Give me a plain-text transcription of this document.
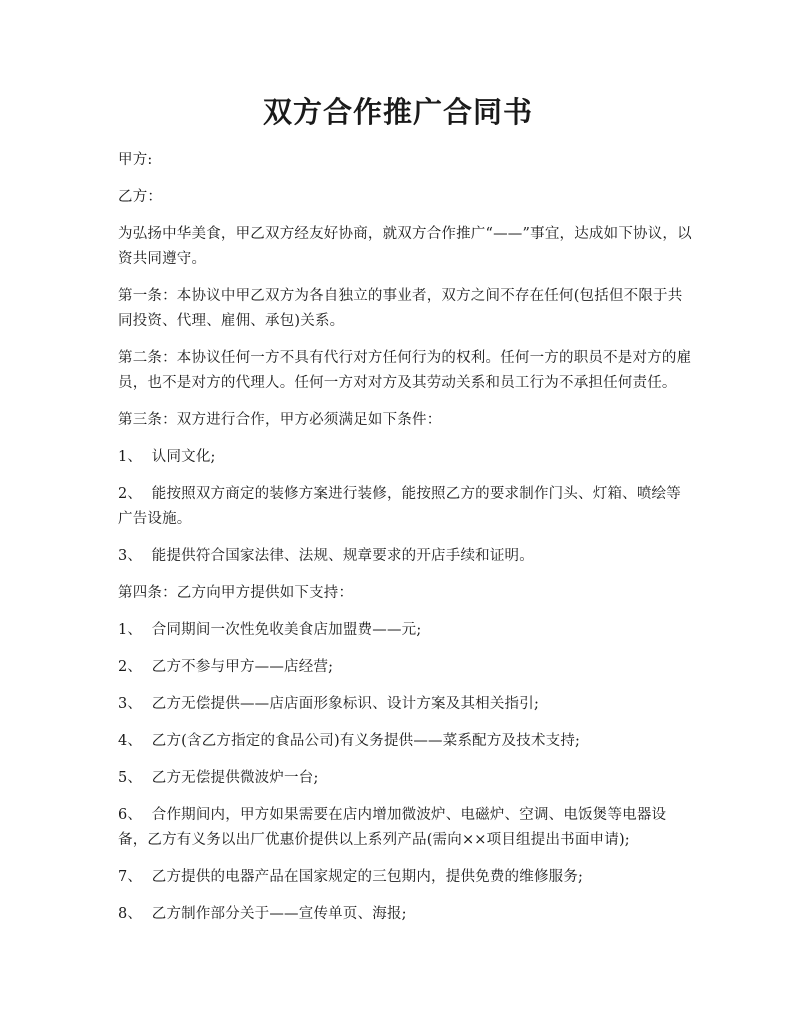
双方合作推广合同书

甲方:

乙方：

为弘扬中华美食，甲乙双方经友好协商，就双方合作推广“——”事宜，达成如下协议，以资共同遵守。

第一条：本协议中甲乙双方为各自独立的事业者，双方之间不存在任何(包括但不限于共同投资、代理、雇佣、承包)关系。

第二条：本协议任何一方不具有代行对方任何行为的权利。任何一方的职员不是对方的雇员，也不是对方的代理人。任何一方对对方及其劳动关系和员工行为不承担任何责任。

第三条：双方进行合作，甲方必须满足如下条件：

1、  认同文化;

2、  能按照双方商定的装修方案进行装修，能按照乙方的要求制作门头、灯箱、喷绘等广告设施。

3、  能提供符合国家法律、法规、规章要求的开店手续和证明。

第四条：乙方向甲方提供如下支持：

1、  合同期间一次性免收美食店加盟费——元;

2、  乙方不参与甲方——店经营;

3、  乙方无偿提供——店店面形象标识、设计方案及其相关指引;

4、  乙方(含乙方指定的食品公司)有义务提供——菜系配方及技术支持;

5、  乙方无偿提供微波炉一台;

6、  合作期间内，甲方如果需要在店内增加微波炉、电磁炉、空调、电饭煲等电器设备，乙方有义务以出厂优惠价提供以上系列产品(需向××项目组提出书面申请);

7、  乙方提供的电器产品在国家规定的三包期内，提供免费的维修服务;

8、  乙方制作部分关于——宣传单页、海报;
